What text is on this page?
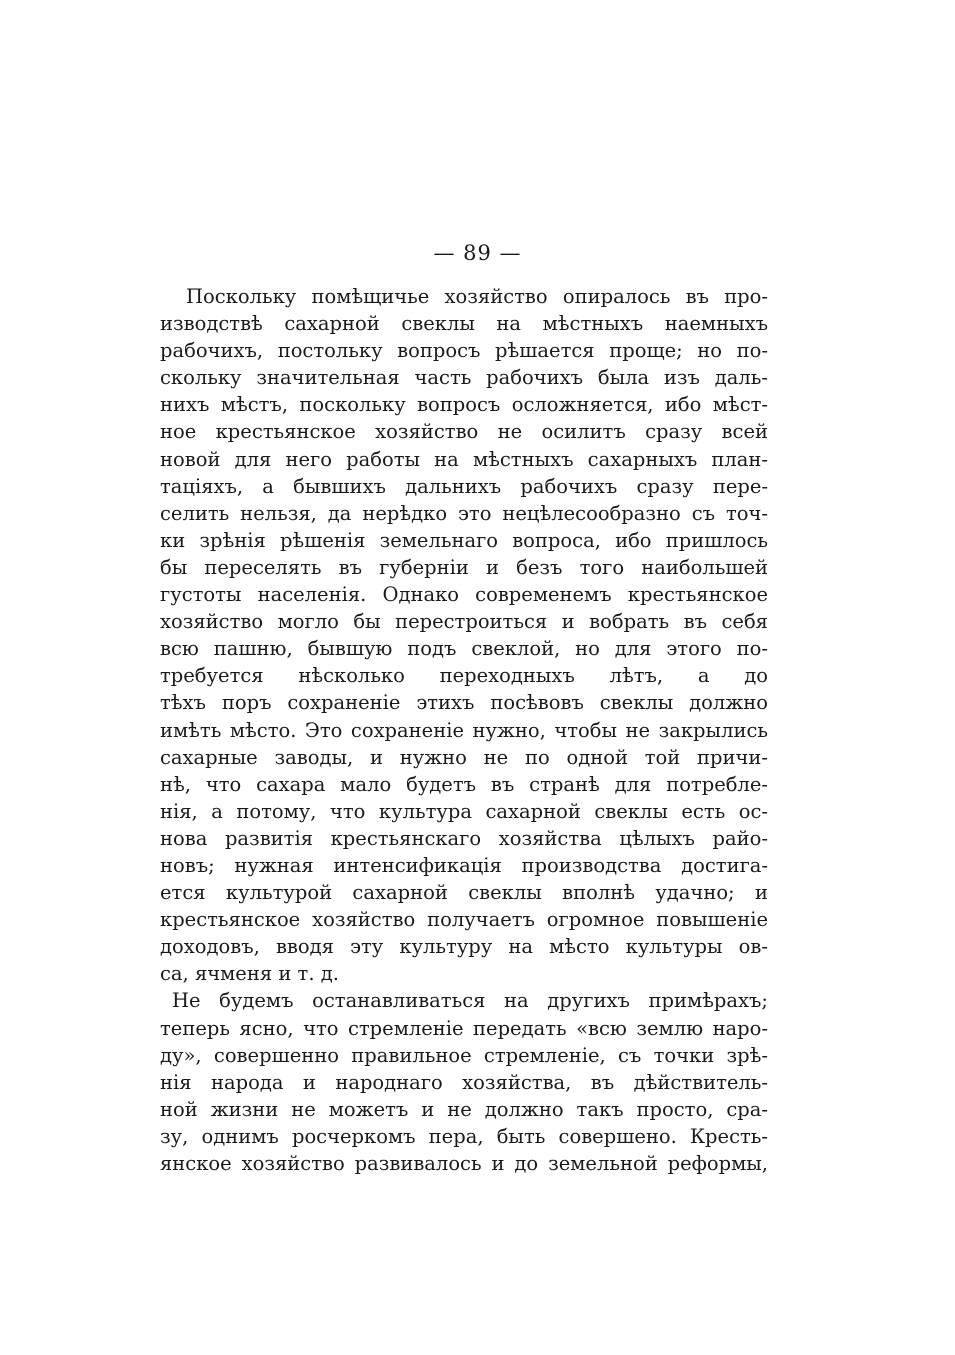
— 89 —
Поскольку помѣщичье хозяйство опиралось въ про-
изводствѣ сахарной свеклы на мѣстныхъ наемныхъ
рабочихъ, постольку вопросъ рѣшается проще; но по-
скольку значительная часть рабочихъ была изъ даль-
нихъ мѣстъ, поскольку вопросъ осложняется, ибо мѣст-
ное крестьянское хозяйство не осилитъ сразу всей
новой для него работы на мѣстныхъ сахарныхъ план-
таціяхъ, а бывшихъ дальнихъ рабочихъ сразу пере-
селить нельзя, да нерѣдко это нецѣлесообразно съ точ-
ки зрѣнія рѣшенія земельнаго вопроса, ибо пришлось
бы переселять въ губерніи и безъ того наибольшей
густоты населенія. Однако современемъ крестьянское
хозяйство могло бы перестроиться и вобрать въ себя
всю пашню, бывшую подъ свеклой, но для этого по-
требуется нѣсколько переходныхъ лѣтъ, а до
тѣхъ поръ сохраненіе этихъ посѣвовъ свеклы должно
имѣть мѣсто. Это сохраненіе нужно, чтобы не закрылись
сахарные заводы, и нужно не по одной той причи-
нѣ, что сахара мало будетъ въ странѣ для потребле-
нія, а потому, что культура сахарной свеклы есть ос-
нова развитія крестьянскаго хозяйства цѣлыхъ райо-
новъ; нужная интенсификація производства достига-
ется культурой сахарной свеклы вполнѣ удачно; и
крестьянское хозяйство получаетъ огромное повышеніе
доходовъ, вводя эту культуру на мѣсто культуры ов-
са, ячменя и т. д.
Не будемъ останавливаться на другихъ примѣрахъ;
теперь ясно, что стремленіе передать «всю землю наро-
ду», совершенно правильное стремленіе, съ точки зрѣ-
нія народа и народнаго хозяйства, въ дѣйствитель-
ной жизни не можетъ и не должно такъ просто, сра-
зу, однимъ росчеркомъ пера, быть совершено. Кресть-
янское хозяйство развивалось и до земельной реформы,
